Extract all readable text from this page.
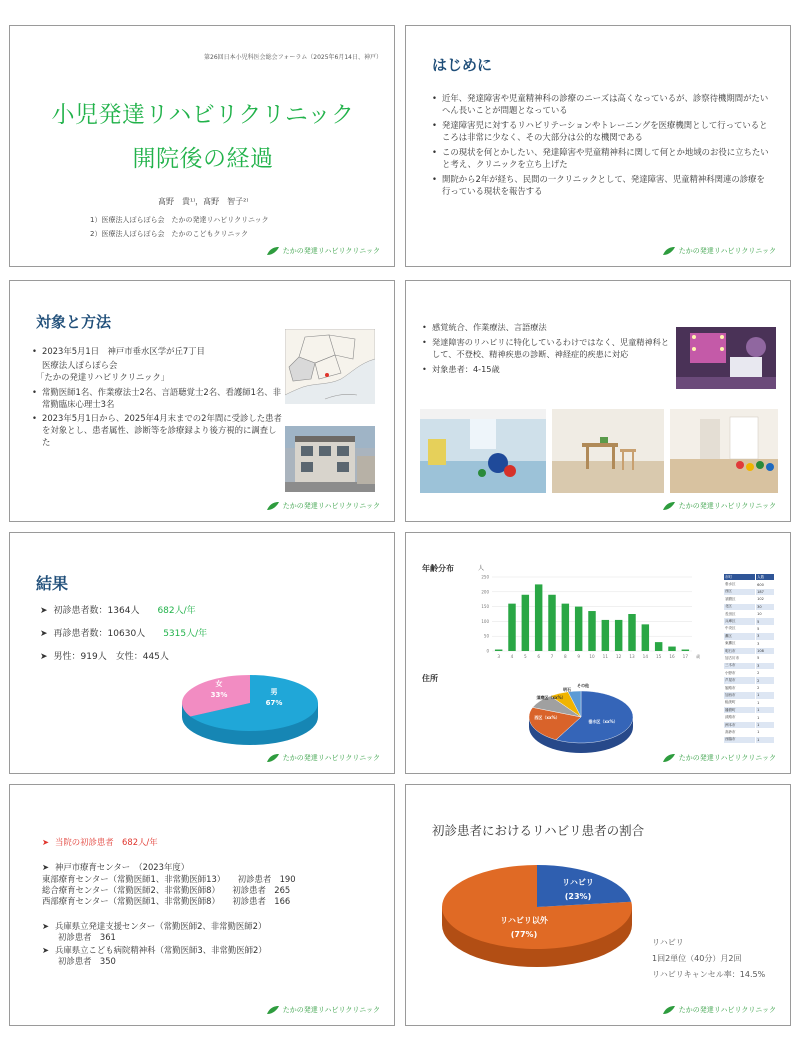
第26回日本小児科医会総会フォーラム（2025年6月14日、神戸）
小児発達リハビリクリニック
開院後の経過
髙野　貴¹⁾，髙野　智子²⁾
1）医療法人ぽらぽら会　たかの発達リハビリクリニック
2）医療法人ぽらぽら会　たかのこどもクリニック
たかの発達リハビリクリニック
はじめに
• 近年、発達障害や児童精神科の診療のニーズは高くなっているが、診察待機期間がたいへん長いことが問題となっている
• 発達障害児に対するリハビリテーションやトレーニングを医療機関として行っているところは非常に少なく、その大部分は公的な機関である
• この現状を何とかしたい、発達障害や児童精神科に関して何とか地域のお役に立ちたいと考え、クリニックを立ち上げた
• 開院から2年が経ち、民間の一クリニックとして、発達障害、児童精神科関連の診療を行っている現状を報告する
たかの発達リハビリクリニック
対象と方法
• 2023年5月1日　神戸市垂水区学が丘7丁目
医療法人ぽらぽら会
「たかの発達リハビリクリニック」
• 常勤医師1名、作業療法士2名、言語聴覚士2名、看護師1名、非常勤臨床心理士3名
• 2023年5月1日から、2025年4月末までの2年間に受診した患者を対象とし、患者属性、診断等を診療録より後方視的に調査した
たかの発達リハビリクリニック
• 感覚統合、作業療法、言語療法
• 発達障害のリハビリに特化しているわけではなく、児童精神科として、不登校、精神疾患の診断、神経症的疾患に対応
• 対象患者：4-15歳
たかの発達リハビリクリニック
結果
➤ 初診患者数：1364人 682人/年
➤ 再診患者数：10630人 5315人/年
➤ 男性：919人　女性：445人
男
67%
女
33%
たかの発達リハビリクリニック
年齢分布	人
250
200
150
100
50
0
3	4	5	6	7	8	9 10 11 12 13 14 15 16 17 歳
住所
垂水区（xx%）
西区（xx%）
須磨区（xx%）
明石
その他
市町	人数
垂水区	600
西区	187
須磨区	102
北区	30
長田区	10
兵庫区	5
中央区	5
灘区	3
東灘区	3
明石市	108
加古川市	5
三木市	3
小野市	2
芦屋市	2
姫路市	2
加西市	1
稲美町	1
播磨町	1
淡路市	1
洲本市	1
高砂市	1
西脇市	1
たかの発達リハビリクリニック
➤ 当院の初診患者　682人/年
➤ 神戸市療育センター　（2023年度）
東部療育センター（常勤医師1、非常勤医師13）　　初診患者　190
総合療育センター（常勤医師2、非常勤医師8）　　初診患者　265
西部療育センター（常勤医師1、非常勤医師8）　　初診患者　166
➤ 兵庫県立発達支援センター（常勤医師2、非常勤医師2）
初診患者　361
➤ 兵庫県立こども病院精神科（常勤医師3、非常勤医師2）
初診患者　350
たかの発達リハビリクリニック
初診患者におけるリハビリ患者の割合
リハビリ
(23%)
リハビリ以外
(77%)
リハビリ
1回2単位（40分）月2回
リハビリキャンセル率：14.5%
たかの発達リハビリクリニック
